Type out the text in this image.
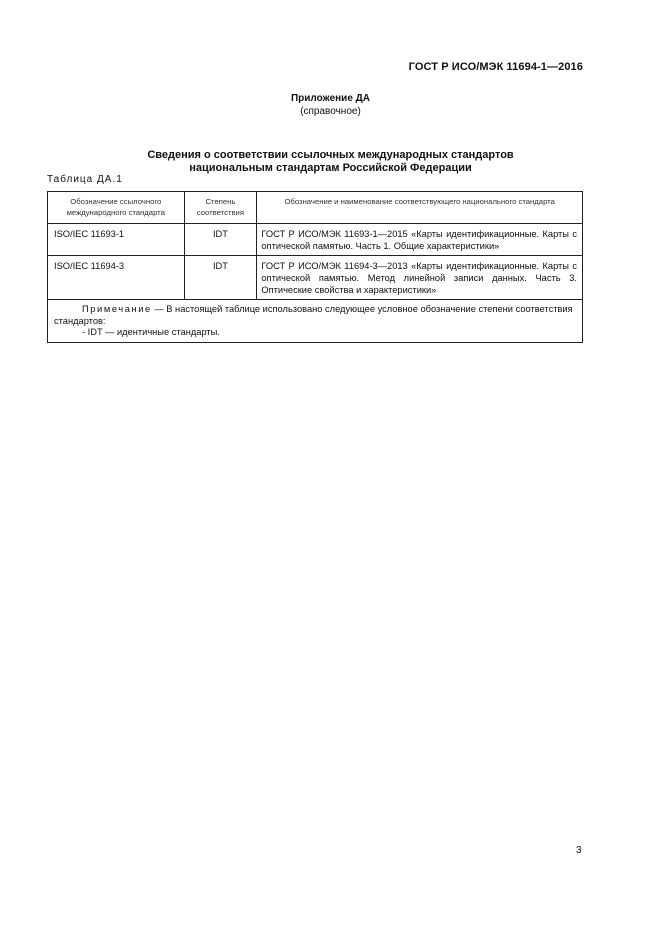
ГОСТ Р ИСО/МЭК 11694-1—2016
Приложение ДА
(справочное)
Сведения о соответствии ссылочных международных стандартов
национальным стандартам Российской Федерации
Таблица ДА.1
Обозначение ссылочного международного стандарта	Степень соответствия	Обозначение и наименование соответствующего национального стандарта
ISO/IEC 11693-1	IDT	ГОСТ Р ИСО/МЭК 11693-1—2015 «Карты идентификационные. Карты с оптической памятью. Часть 1. Общие характеристики»
ISO/IEC 11694-3	IDT	ГОСТ Р ИСО/МЭК 11694-3—2013 «Карты идентификационные. Карты с оптической памятью. Метод линейной записи данных. Часть 3. Оптические свойства и характеристики»
Примечание — В настоящей таблице использовано следующее условное обозначение степени соответствия стандартов:
- IDT — идентичные стандарты.		
3
